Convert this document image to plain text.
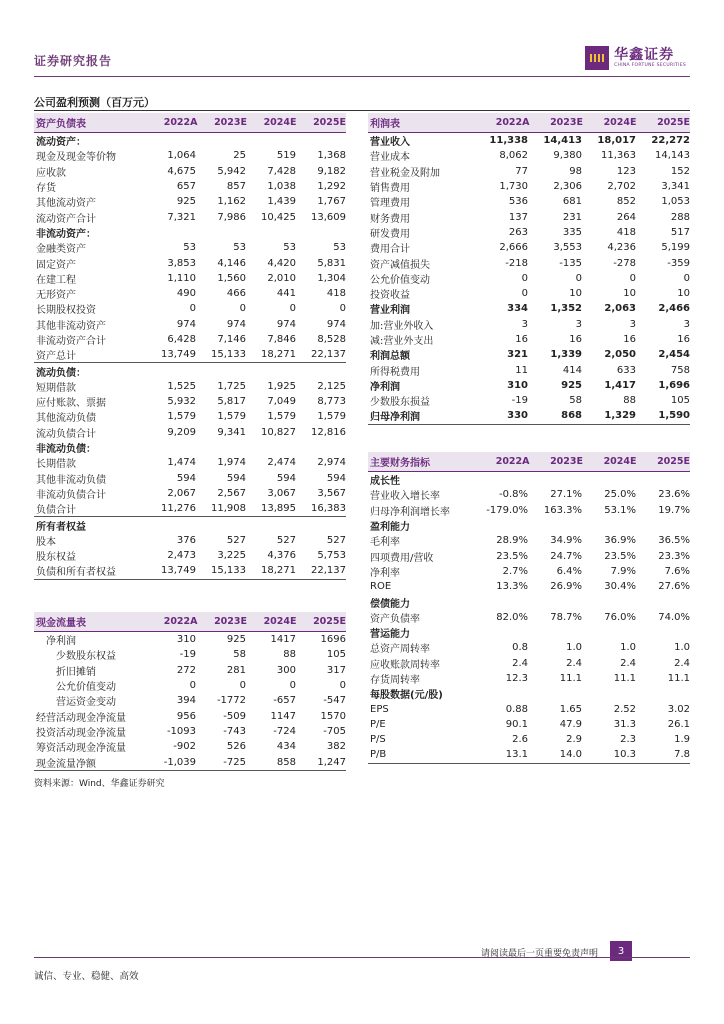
证券研究报告	华鑫证券
CHINA FORTUNE SECURITIES
公司盈利预测（百万元）
资产负债表	2022A	2023E	2024E	2025E
流动资产：
现金及现金等价物	1,064	25	519	1,368
应收款	4,675	5,942	7,428	9,182
存货	657	857	1,038	1,292
其他流动资产	925	1,162	1,439	1,767
流动资产合计	7,321	7,986	10,425	13,609
非流动资产：
金融类资产	53	53	53	53
固定资产	3,853	4,146	4,420	5,831
在建工程	1,110	1,560	2,010	1,304
无形资产	490	466	441	418
长期股权投资	0	0	0	0
其他非流动资产	974	974	974	974
非流动资产合计	6,428	7,146	7,846	8,528
资产总计	13,749	15,133	18,271	22,137
流动负债：
短期借款	1,525	1,725	1,925	2,125
应付账款、票据	5,932	5,817	7,049	8,773
其他流动负债	1,579	1,579	1,579	1,579
流动负债合计	9,209	9,341	10,827	12,816
非流动负债：
长期借款	1,474	1,974	2,474	2,974
其他非流动负债	594	594	594	594
非流动负债合计	2,067	2,567	3,067	3,567
负债合计	11,276	11,908	13,895	16,383
所有者权益
股本	376	527	527	527
股东权益	2,473	3,225	4,376	5,753
负债和所有者权益	13,749	15,133	18,271	22,137
利润表	2022A	2023E	2024E	2025E
营业收入	11,338	14,413	18,017	22,272
营业成本	8,062	9,380	11,363	14,143
营业税金及附加	77	98	123	152
销售费用	1,730	2,306	2,702	3,341
管理费用	536	681	852	1,053
财务费用	137	231	264	288
研发费用	263	335	418	517
费用合计	2,666	3,553	4,236	5,199
资产减值损失	-218	-135	-278	-359
公允价值变动	0	0	0	0
投资收益	0	10	10	10
营业利润	334	1,352	2,063	2,466
加:营业外收入	3	3	3	3
减:营业外支出	16	16	16	16
利润总额	321	1,339	2,050	2,454
所得税费用	11	414	633	758
净利润	310	925	1,417	1,696
少数股东损益	-19	58	88	105
归母净利润	330	868	1,329	1,590
主要财务指标	2022A	2023E	2024E	2025E
成长性
营业收入增长率	-0.8%	27.1%	25.0%	23.6%
归母净利润增长率	-179.0%	163.3%	53.1%	19.7%
盈利能力
毛利率	28.9%	34.9%	36.9%	36.5%
四项费用/营收	23.5%	24.7%	23.5%	23.3%
净利率	2.7%	6.4%	7.9%	7.6%
ROE	13.3%	26.9%	30.4%	27.6%
偿债能力
资产负债率	82.0%	78.7%	76.0%	74.0%
营运能力
总资产周转率	0.8	1.0	1.0	1.0
应收账款周转率	2.4	2.4	2.4	2.4
存货周转率	12.3	11.1	11.1	11.1
每股数据(元/股)
EPS	0.88	1.65	2.52	3.02
P/E	90.1	47.9	31.3	26.1
P/S	2.6	2.9	2.3	1.9
P/B	13.1	14.0	10.3	7.8
现金流量表	2022A	2023E	2024E	2025E
净利润	310	925	1417	1696
少数股东权益	-19	58	88	105
折旧摊销	272	281	300	317
公允价值变动	0	0	0	0
营运资金变动	394	-1772	-657	-547
经营活动现金净流量	956	-509	1147	1570
投资活动现金净流量	-1093	-743	-724	-705
筹资活动现金净流量	-902	526	434	382
现金流量净额	-1,039	-725	858	1,247
资料来源：Wind、华鑫证券研究
请阅读最后一页重要免责声明	3
诚信、专业、稳健、高效
